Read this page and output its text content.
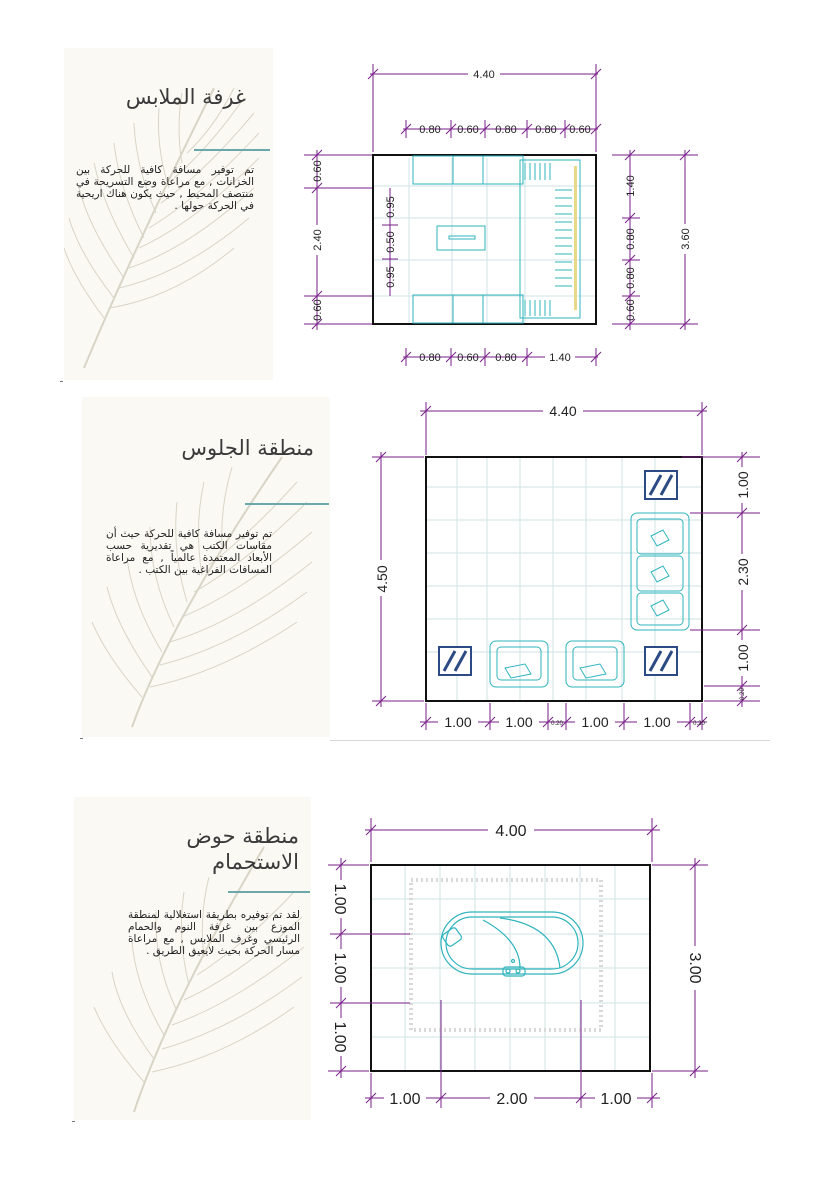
غرفة الملابس
تم توفير مسافة كافية للحركة بين الخزانات , مع مراعاة وضع التسريحة في منتصف المحيط , حيث يكون هناك اريحية في الحركة حولها .
4.40
0.80 0.60 0.80 0.80 0.60
0.80 0.60 0.80	1.40
0.60
2.40
0.60
0.95
0.50
0.95
1.40
0.80
0.80
0.60
3.60
منطقة الجلوس
تم توفير مسافة كافية للحركة حيث أن مقاسات الكتب هي تقديرية حسب الأبعاد المعتمدة عالمياً , مع مراعاة المسافات الفراغية بين الكتب .
4.40
4.50
1.00
2.30
1.00
0.20
1.00 1.00	0.20 1.00 1.00	0.20
منطقة حوض
الاستحمام
لقد تم توفيره بطريقة استغلالية لمنطقة الموزع بين غرفة النوم والحمام الرئيسي وغرف الملابس , مع مراعاة مسار الحركة بحيث لايعيق الطريق .
4.00
1.00
1.00
1.00
3.00
1.00	2.00	1.00
